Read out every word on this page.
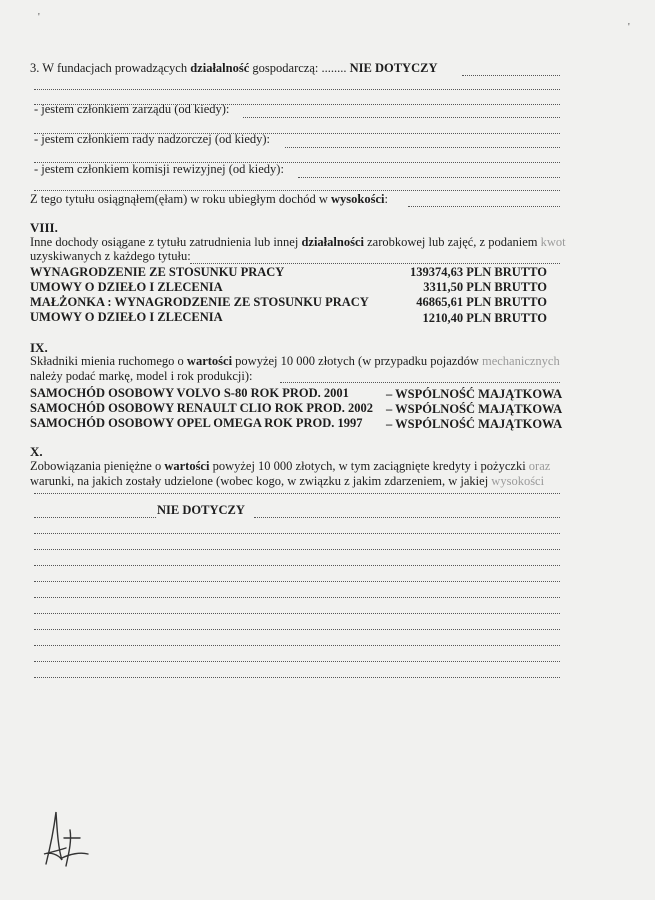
3. W fundacjach prowadzących działalność gospodarczą: ........ NIE DOTYCZY
- jestem członkiem zarządu (od kiedy):
- jestem członkiem rady nadzorczej (od kiedy):
- jestem członkiem komisji rewizyjnej (od kiedy):
Z tego tytułu osiągnąłem(ęłam) w roku ubiegłym dochód w wysokości:
VIII.
Inne dochody osiągane z tytułu zatrudnienia lub innej działalności zarobkowej lub zajęć, z podaniem kwot
uzyskiwanych z każdego tytułu:
WYNAGRODZENIE ZE STOSUNKU PRACY	139374,63 PLN BRUTTO
UMOWY O DZIEŁO I ZLECENIA	3311,50 PLN BRUTTO
MAŁŻONKA : WYNAGRODZENIE ZE STOSUNKU PRACY	46865,61 PLN BRUTTO
UMOWY O DZIEŁO I ZLECENIA	1210,40 PLN BRUTTO
IX.
Składniki mienia ruchomego o wartości powyżej 10 000 złotych (w przypadku pojazdów mechanicznych
należy podać markę, model i rok produkcji):
SAMOCHÓD OSOBOWY VOLVO S-80 ROK PROD. 2001	– WSPÓLNOŚĆ MAJĄTKOWA
SAMOCHÓD OSOBOWY RENAULT CLIO ROK PROD. 2002 – WSPÓLNOŚĆ MAJĄTKOWA
SAMOCHÓD OSOBOWY OPEL OMEGA ROK PROD. 1997 – WSPÓLNOŚĆ MAJĄTKOWA
X.
Zobowiązania pieniężne o wartości powyżej 10 000 złotych, w tym zaciągnięte kredyty i pożyczki oraz
warunki, na jakich zostały udzielone (wobec kogo, w związku z jakim zdarzeniem, w jakiej wysokości
NIE DOTYCZY
'
'
